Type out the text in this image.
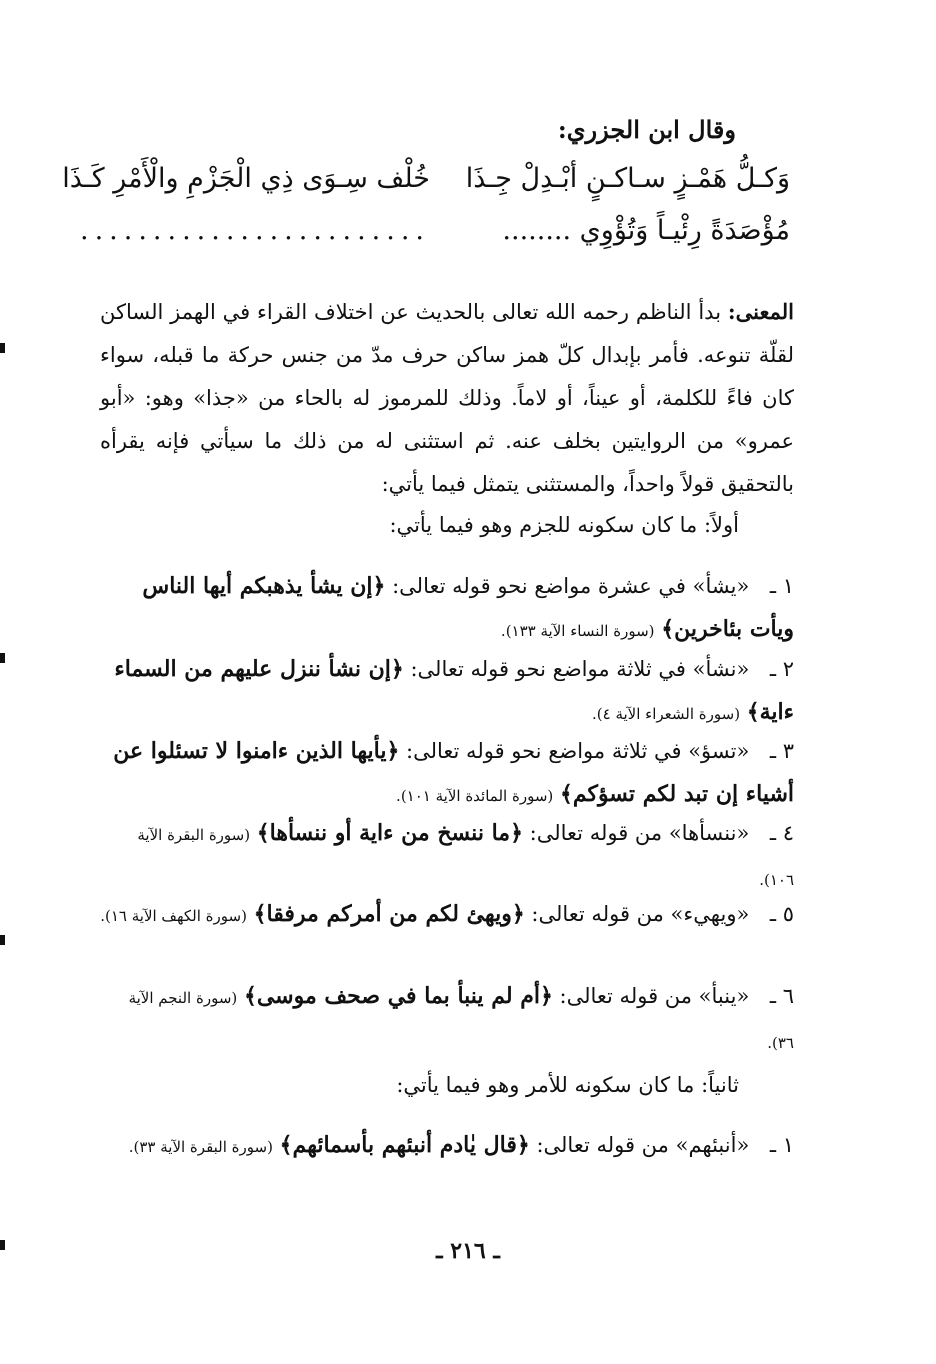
وقال ابن الجزري:
وَكـلُّ هَمْـزٍ سـاكـنٍ أبْـدِلْ جِـذَا
خُلْف سِـوَى ذِي الْجَزْمِ والْأَمْرِ كَـذَا
مُؤْصَدَةً رِئْيـاً وَتُؤْوِي ........
........................
المعنى: بدأ الناظم رحمه الله تعالى بالحديث عن اختلاف القراء في الهمز الساكن لقلّة تنوعه. فأمر بإبدال كلّ همز ساكن حرف مدّ من جنس حركة ما قبله، سواء كان فاءً للكلمة، أو عيناً، أو لاماً. وذلك للمرموز له بالحاء من «جذا» وهو: «أبو عمرو» من الروايتين بخلف عنه. ثم استثنى له من ذلك ما سيأتي فإنه يقرأه بالتحقيق قولاً واحداً، والمستثنى يتمثل فيما يأتي:
أولاً: ما كان سكونه للجزم وهو فيما يأتي:
١ ـ «يشأ» في عشرة مواضع نحو قوله تعالى: ﴿إن يشأ يذهبكم أيها الناس ويأت بئاخرين﴾ (سورة النساء الآية ١٣٣).
٢ ـ «نشأ» في ثلاثة مواضع نحو قوله تعالى: ﴿إن نشأ ننزل عليهم من السماء ءاية﴾ (سورة الشعراء الآية ٤).
٣ ـ «تسؤ» في ثلاثة مواضع نحو قوله تعالى: ﴿يأيها الذين ءامنوا لا تسئلوا عن أشياء إن تبد لكم تسؤكم﴾ (سورة المائدة الآية ١٠١).
٤ ـ «ننسأها» من قوله تعالى: ﴿ما ننسخ من ءاية أو ننسأها﴾ (سورة البقرة الآية ١٠٦).
٥ ـ «ويهيء» من قوله تعالى: ﴿ويهئ لكم من أمركم مرفقا﴾ (سورة الكهف الآية ١٦).
٦ ـ «ينبأ» من قوله تعالى: ﴿أم لم ينبأ بما في صحف موسى﴾ (سورة النجم الآية ٣٦).
ثانياً: ما كان سكونه للأمر وهو فيما يأتي:
١ ـ «أنبئهم» من قوله تعالى: ﴿قال يٰادم أنبئهم بأسمائهم﴾ (سورة البقرة الآية ٣٣).
ـ ٢١٦ ـ
